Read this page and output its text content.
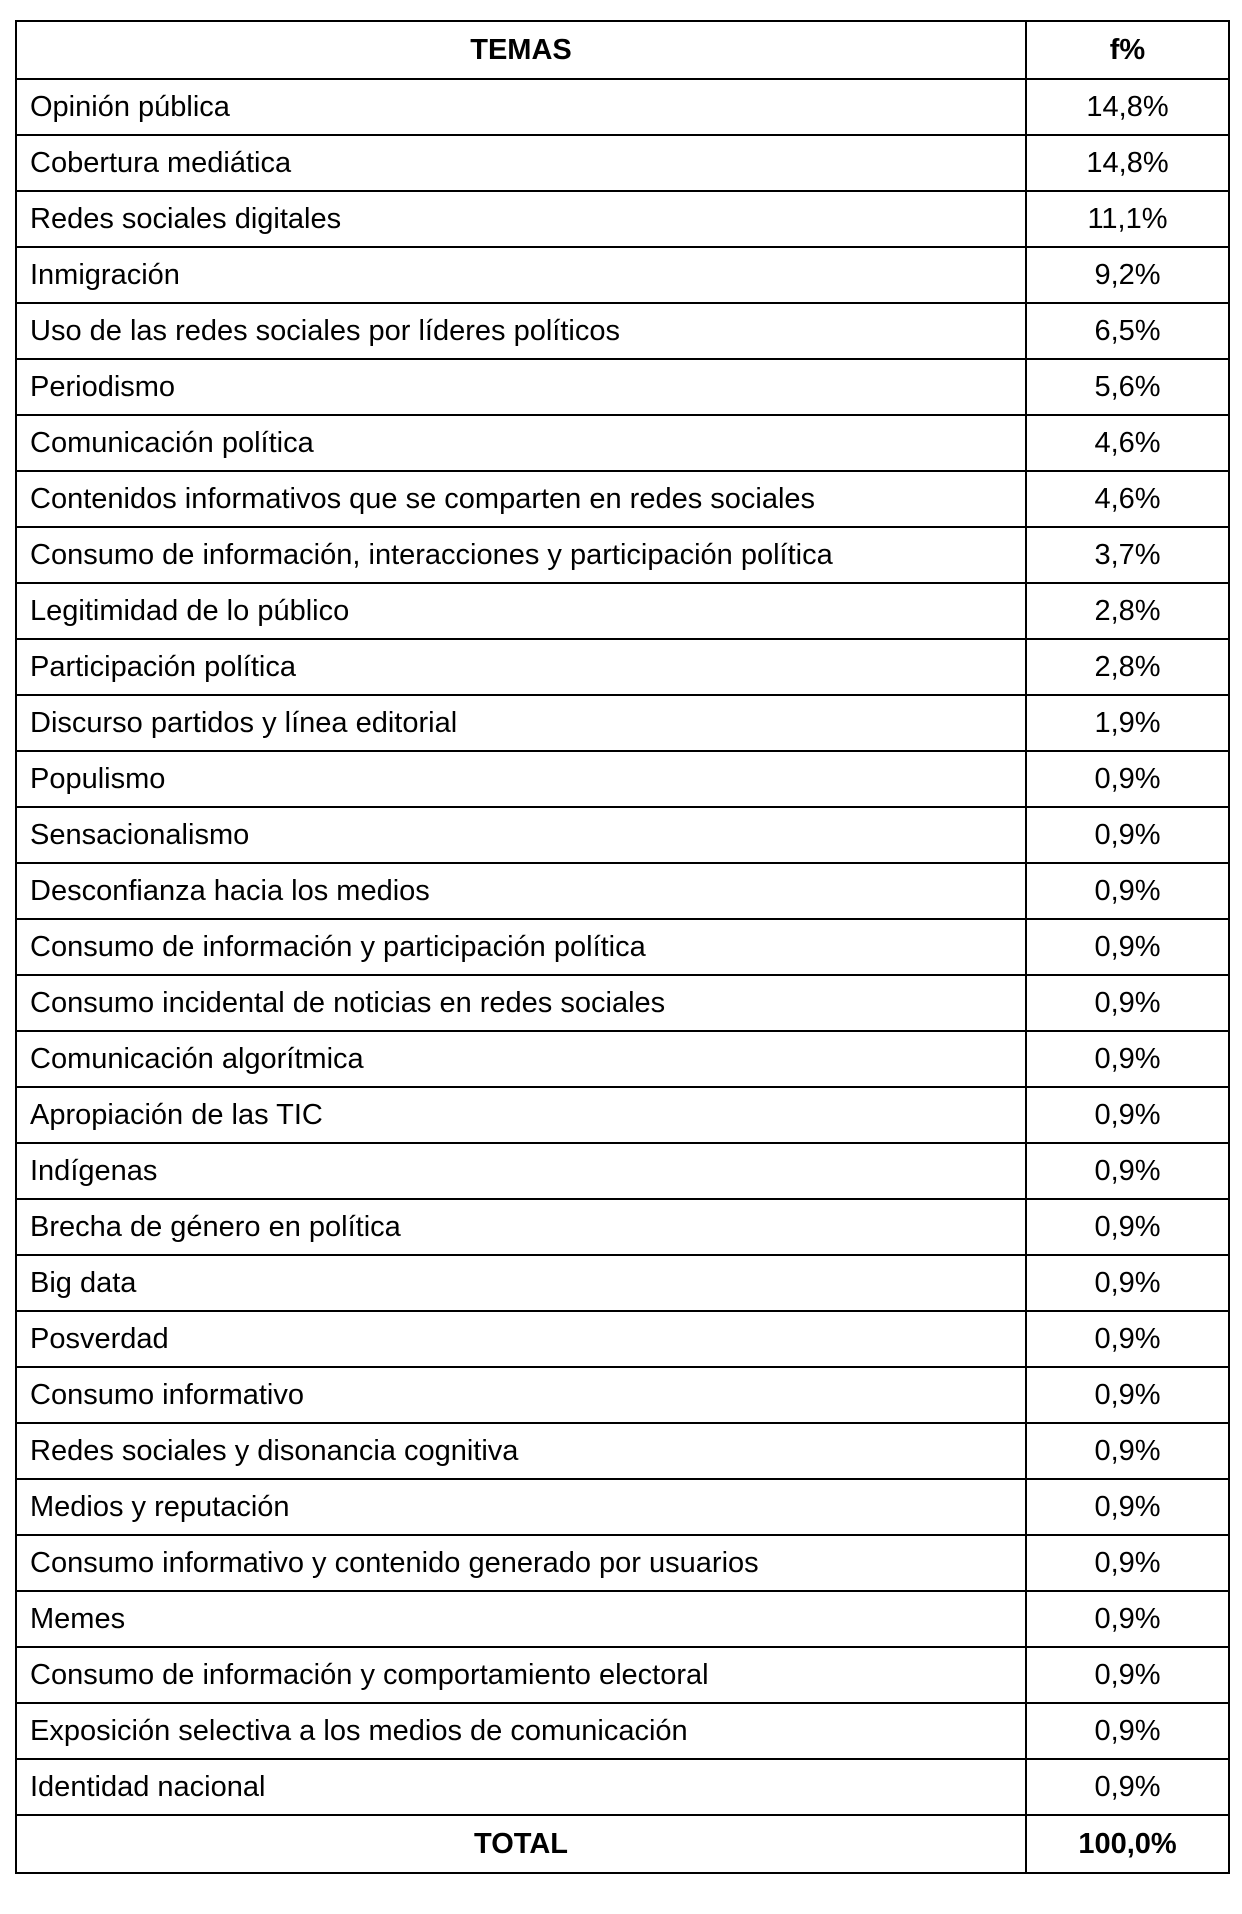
TEMAS	f%
Opinión pública	14,8%
Cobertura mediática	14,8%
Redes sociales digitales	11,1%
Inmigración	9,2%
Uso de las redes sociales por líderes políticos	6,5%
Periodismo	5,6%
Comunicación política	4,6%
Contenidos informativos que se comparten en redes sociales	4,6%
Consumo de información, interacciones y participación política	3,7%
Legitimidad de lo público	2,8%
Participación política	2,8%
Discurso partidos y línea editorial	1,9%
Populismo	0,9%
Sensacionalismo	0,9%
Desconfianza hacia los medios	0,9%
Consumo de información y participación política	0,9%
Consumo incidental de noticias en redes sociales	0,9%
Comunicación algorítmica	0,9%
Apropiación de las TIC	0,9%
Indígenas	0,9%
Brecha de género en política	0,9%
Big data	0,9%
Posverdad	0,9%
Consumo informativo	0,9%
Redes sociales y disonancia cognitiva	0,9%
Medios y reputación	0,9%
Consumo informativo y contenido generado por usuarios	0,9%
Memes	0,9%
Consumo de información y comportamiento electoral	0,9%
Exposición selectiva a los medios de comunicación	0,9%
Identidad nacional	0,9%
TOTAL	100,0%
